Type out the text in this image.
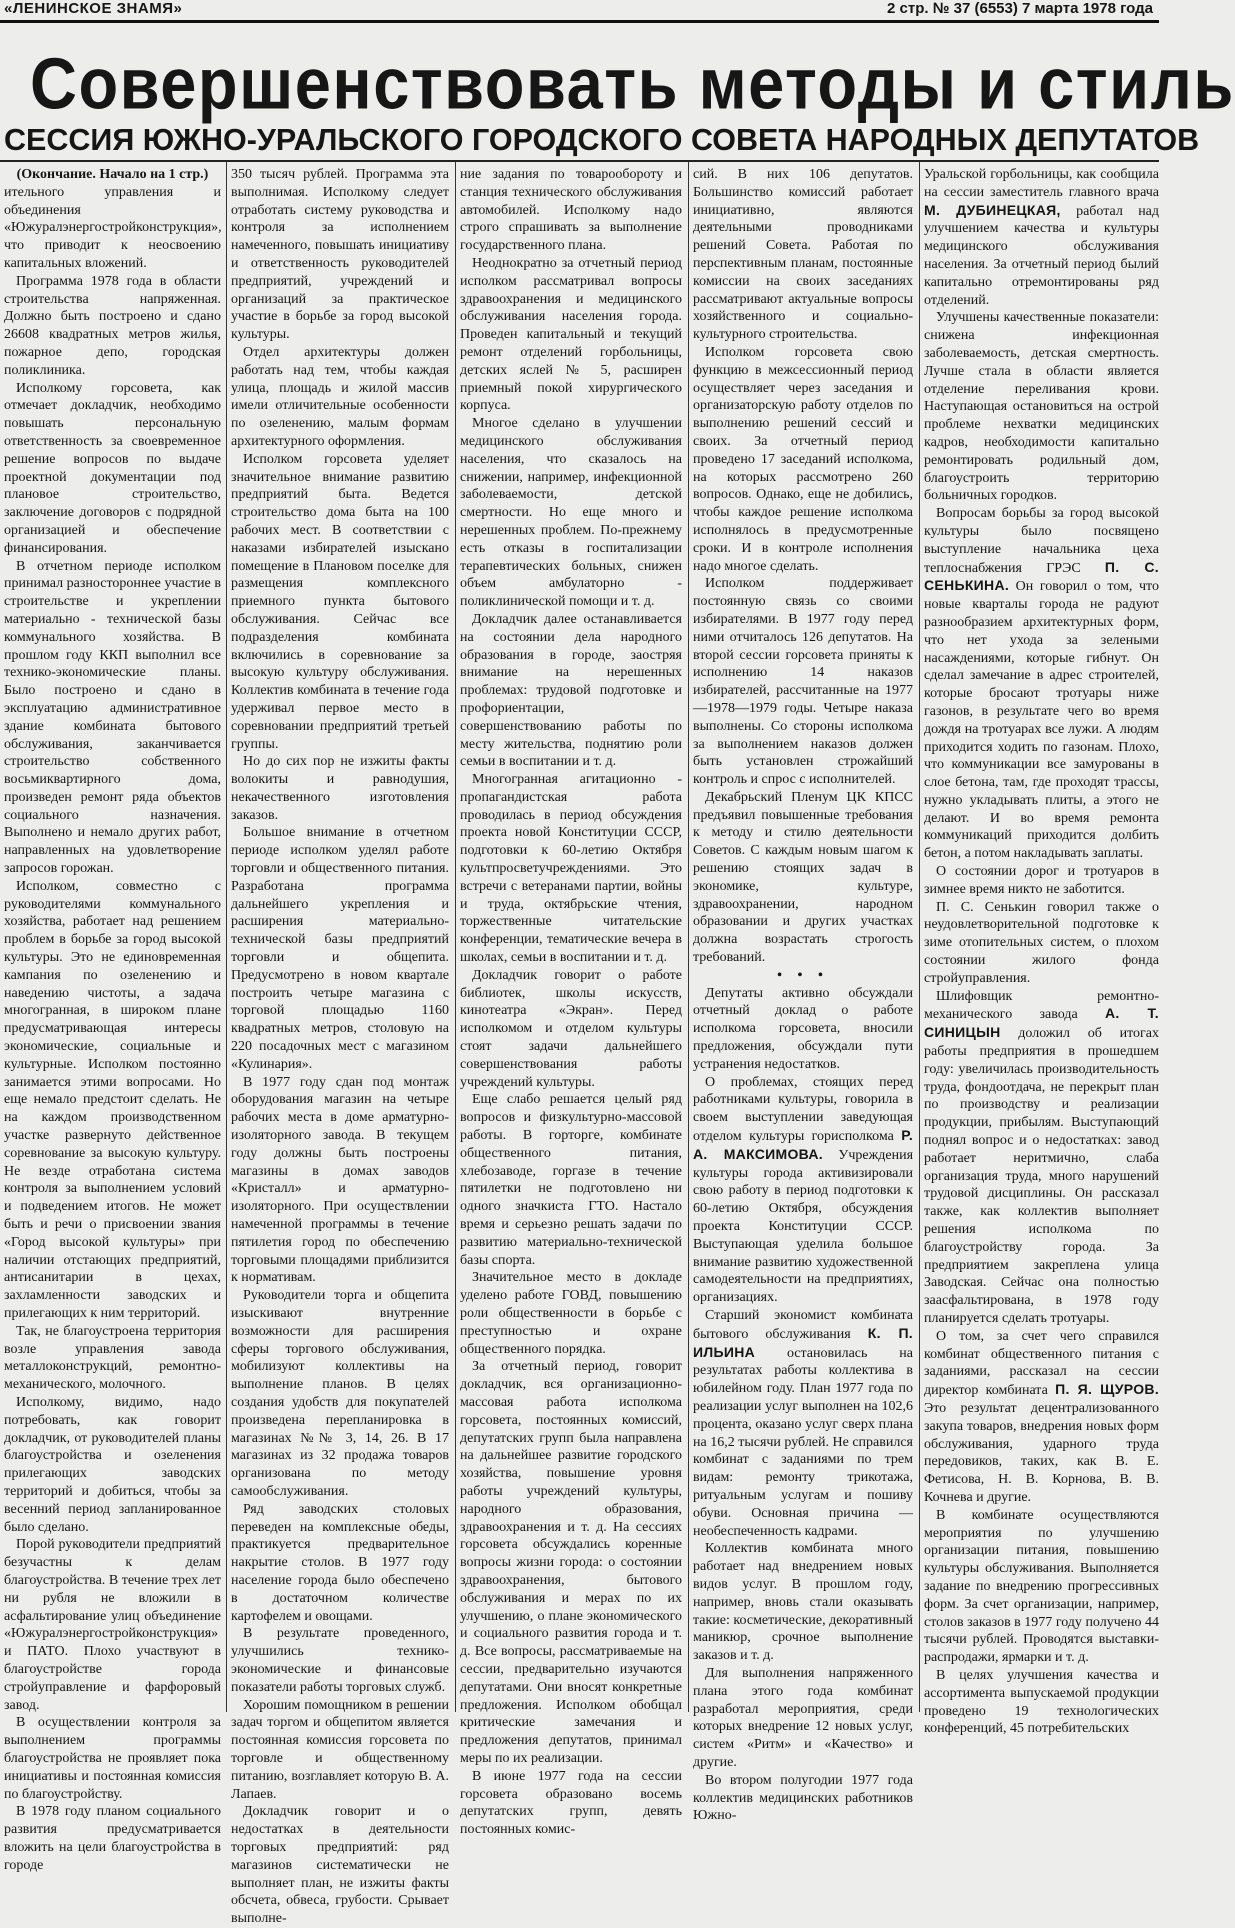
«ЛЕНИНСКОЕ ЗНАМЯ»	2 стр. № 37 (6553) 7 марта 1978 года
Совершенствовать методы и стиль
СЕССИЯ ЮЖНО-УРАЛЬСКОГО ГОРОДСКОГО СОВЕТА НАРОДНЫХ ДЕПУТАТОВ

(Окончание. Начало на 1 стр.)

ительного управления и объединения «Южуралэнергостройконструкция», что приводит к неосвоению капитальных вложений.

Программа 1978 года в области строительства напряженная. Должно быть построено и сдано 26608 квадратных метров жилья, пожарное депо, городская поликлиника.

Исполкому горсовета, как отмечает докладчик, необходимо повышать персональную ответственность за своевременное решение вопросов по выдаче проектной документации под плановое строительство, заключение договоров с подрядной организацией и обеспечение финансирования.

В отчетном периоде исполком принимал разностороннее участие в строительстве и укреплении материально - технической базы коммунального хозяйства. В прошлом году ККП выполнил все технико-экономические планы. Было построено и сдано в эксплуатацию административное здание комбината бытового обслуживания, заканчивается строительство собственного восьмиквартирного дома, произведен ремонт ряда объектов социального назначения. Выполнено и немало других работ, направленных на удовлетворение запросов горожан.

Исполком, совместно с руководителями коммунального хозяйства, работает над решением проблем в борьбе за город высокой культуры. Это не единовременная кампания по озеленению и наведению чистоты, а задача многогранная, в широком плане предусматривающая интересы экономические, социальные и культурные. Исполком постоянно занимается этими вопросами. Но еще немало предстоит сделать. Не на каждом производственном участке развернуто действенное соревнование за высокую культуру. Не везде отработана система контроля за выполнением условий и подведением итогов. Не может быть и речи о присвоении звания «Город высокой культуры» при наличии отстающих предприятий, антисанитарии в цехах, захламленности заводских и прилегающих к ним территорий.

Так, не благоустроена территория возле управления завода металлоконструкций, ремонтно-механического, молочного.

Исполкому, видимо, надо потребовать, как говорит докладчик, от руководителей планы благоустройства и озеленения прилегающих заводских территорий и добиться, чтобы за весенний период запланированное было сделано.

Порой руководители предприятий безучастны к делам благоустройства. В течение трех лет ни рубля не вложили в асфальтирование улиц объединение «Южуралэнергостройконструкция» и ПАТО. Плохо участвуют в благоустройстве города стройуправление и фарфоровый завод.

В осуществлении контроля за выполнением программы благоустройства не проявляет пока инициативы и постоянная комиссия по благоустройству.

В 1978 году планом социального развития предусматривается вложить на цели благоустройства в городе

350 тысяч рублей. Программа эта выполнимая. Исполкому следует отработать систему руководства и контроля за исполнением намеченного, повышать инициативу и ответственность руководителей предприятий, учреждений и организаций за практическое участие в борьбе за город высокой культуры.

Отдел архитектуры должен работать над тем, чтобы каждая улица, площадь и жилой массив имели отличительные особенности по озеленению, малым формам архитектурного оформления.

Исполком горсовета уделяет значительное внимание развитию предприятий быта. Ведется строительство дома быта на 100 рабочих мест. В соответствии с наказами избирателей изыскано помещение в Плановом поселке для размещения комплексного приемного пункта бытового обслуживания. Сейчас все подразделения комбината включились в соревнование за высокую культуру обслуживания. Коллектив комбината в течение года удерживал первое место в соревновании предприятий третьей группы.

Но до сих пор не изжиты факты волокиты и равнодушия, некачественного изготовления заказов.

Большое внимание в отчетном периоде исполком уделял работе торговли и общественного питания. Разработана программа дальнейшего укрепления и расширения материально-технической базы предприятий торговли и общепита. Предусмотрено в новом квартале построить четыре магазина с торговой площадью 1160 квадратных метров, столовую на 220 посадочных мест с магазином «Кулинария».

В 1977 году сдан под монтаж оборудования магазин на четыре рабочих места в доме арматурно-изоляторного завода. В текущем году должны быть построены магазины в домах заводов «Кристалл» и арматурно-изоляторного. При осуществлении намеченной программы в течение пятилетия город по обеспечению торговыми площадями приблизится к нормативам.

Руководители торга и общепита изыскивают внутренние возможности для расширения сферы торгового обслуживания, мобилизуют коллективы на выполнение планов. В целях создания удобств для покупателей произведена перепланировка в магазинах №№ 3, 14, 26. В 17 магазинах из 32 продажа товаров организована по методу самообслуживания.

Ряд заводских столовых переведен на комплексные обеды, практикуется предварительное накрытие столов. В 1977 году население города было обеспечено в достаточном количестве картофелем и овощами.

В результате проведенного, улучшились технико-экономические и финансовые показатели работы торговых служб.

Хорошим помощником в решении задач торгом и общепитом является постоянная комиссия горсовета по торговле и общественному питанию, возглавляет которую В. А. Лапаев.

Докладчик говорит и о недостатках в деятельности торговых предприятий: ряд магазинов систематически не выполняет план, не изжиты факты обсчета, обвеса, грубости. Срывает выполне-

ние задания по товарообороту и станция технического обслуживания автомобилей. Исполкому надо строго спрашивать за выполнение государственного плана.

Неоднократно за отчетный период исполком рассматривал вопросы здравоохранения и медицинского обслуживания населения города. Проведен капитальный и текущий ремонт отделений горбольницы, детских яслей № 5, расширен приемный покой хирургического корпуса.

Многое сделано в улучшении медицинского обслуживания населения, что сказалось на снижении, например, инфекционной заболеваемости, детской смертности. Но еще много и нерешенных проблем. По-прежнему есть отказы в госпитализации терапевтических больных, снижен объем амбулаторно - поликлинической помощи и т. д.

Докладчик далее останавливается на состоянии дела народного образования в городе, заостряя внимание на нерешенных проблемах: трудовой подготовке и профориентации, совершенствованию работы по месту жительства, поднятию роли семьи в воспитании и т. д.

Многогранная агитационно - пропагандистская работа проводилась в период обсуждения проекта новой Конституции СССР, подготовки к 60-летию Октября культпросветучреждениями. Это встречи с ветеранами партии, войны и труда, октябрьские чтения, торжественные читательские конференции, тематические вечера в школах, семьи в воспитании и т. д.

Докладчик говорит о работе библиотек, школы искусств, кинотеатра «Экран». Перед исполкомом и отделом культуры стоят задачи дальнейшего совершенствования работы учреждений культуры.

Еще слабо решается целый ряд вопросов и физкультурно-массовой работы. В горторге, комбинате общественного питания, хлебозаводе, горгазе в течение пятилетки не подготовлено ни одного значкиста ГТО. Настало время и серьезно решать задачи по развитию материально-технической базы спорта.

Значительное место в докладе уделено работе ГОВД, повышению роли общественности в борьбе с преступностью и охране общественного порядка.

За отчетный период, говорит докладчик, вся организационно-массовая работа исполкома горсовета, постоянных комиссий, депутатских групп была направлена на дальнейшее развитие городского хозяйства, повышение уровня работы учреждений культуры, народного образования, здравоохранения и т. д. На сессиях горсовета обсуждались коренные вопросы жизни города: о состоянии здравоохранения, бытового обслуживания и мерах по их улучшению, о плане экономического и социального развития города и т. д. Все вопросы, рассматриваемые на сессии, предварительно изучаются депутатами. Они вносят конкретные предложения. Исполком обобщал критические замечания и предложения депутатов, принимал меры по их реализации.

В июне 1977 года на сессии горсовета образовано восемь депутатских групп, девять постоянных комис-

сий. В них 106 депутатов. Большинство комиссий работает инициативно, являются деятельными проводниками решений Совета. Работая по перспективным планам, постоянные комиссии на своих заседаниях рассматривают актуальные вопросы хозяйственного и социально-культурного строительства.

Исполком горсовета свою функцию в межсессионный период осуществляет через заседания и организаторскую работу отделов по выполнению решений сессий и своих. За отчетный период проведено 17 заседаний исполкома, на которых рассмотрено 260 вопросов. Однако, еще не добились, чтобы каждое решение исполкома исполнялось в предусмотренные сроки. И в контроле исполнения надо многое сделать.

Исполком поддерживает постоянную связь со своими избирателями. В 1977 году перед ними отчиталось 126 депутатов. На второй сессии горсовета приняты к исполнению 14 наказов избирателей, рассчитанные на 1977—1978—1979 годы. Четыре наказа выполнены. Со стороны исполкома за выполнением наказов должен быть установлен строжайший контроль и спрос с исполнителей.

Декабрьский Пленум ЦК КПСС предъявил повышенные требования к методу и стилю деятельности Советов. С каждым новым шагом к решению стоящих задач в экономике, культуре, здравоохранении, народном образовании и других участках должна возрастать строгость требований.

• • •

Депутаты активно обсуждали отчетный доклад о работе исполкома горсовета, вносили предложения, обсуждали пути устранения недостатков.

О проблемах, стоящих перед работниками культуры, говорила в своем выступлении заведующая отделом культуры горисполкома Р. А. МАКСИМОВА. Учреждения культуры города активизировали свою работу в период подготовки к 60-летию Октября, обсуждения проекта Конституции СССР. Выступающая уделила большое внимание развитию художественной самодеятельности на предприятиях, организациях.

Старший экономист комбината бытового обслуживания К. П. ИЛЬИНА остановилась на результатах работы коллектива в юбилейном году. План 1977 года по реализации услуг выполнен на 102,6 процента, оказано услуг сверх плана на 16,2 тысячи рублей. Не справился комбинат с заданиями по трем видам: ремонту трикотажа, ритуальным услугам и пошиву обуви. Основная причина — необеспеченность кадрами.

Коллектив комбината много работает над внедрением новых видов услуг. В прошлом году, например, вновь стали оказывать такие: косметические, декоративный маникюр, срочное выполнение заказов и т. д.

Для выполнения напряженного плана этого года комбинат разработал мероприятия, среди которых внедрение 12 новых услуг, систем «Ритм» и «Качество» и другие.

Во втором полугодии 1977 года коллектив медицинских работников Южно-

Уральской горбольницы, как сообщила на сессии заместитель главного врача М. ДУБИНЕЦКАЯ, работал над улучшением качества и культуры медицинского обслуживания населения. За отчетный период былий капитально отремонтированы ряд отделений.

Улучшены качественные показатели: снижена инфекционная заболеваемость, детская смертность. Лучше стала в области является отделение переливания крови. Наступающая остановиться на острой проблеме нехватки медицинских кадров, необходимости капитально ремонтировать родильный дом, благоустроить территорию больничных городков.

Вопросам борьбы за город высокой культуры было посвящено выступление начальника цеха теплоснабжения ГРЭС П. С. СЕНЬКИНА. Он говорил о том, что новые кварталы города не радуют разнообразием архитектурных форм, что нет ухода за зелеными насаждениями, которые гибнут. Он сделал замечание в адрес строителей, которые бросают тротуары ниже газонов, в результате чего во время дождя на тротуарах все лужи. А людям приходится ходить по газонам. Плохо, что коммуникации все замурованы в слое бетона, там, где проходят трассы, нужно укладывать плиты, а этого не делают. И во время ремонта коммуникаций приходится долбить бетон, а потом накладывать заплаты.

О состоянии дорог и тротуаров в зимнее время никто не заботится.

П. С. Сенькин говорил также о неудовлетворительной подготовке к зиме отопительных систем, о плохом состоянии жилого фонда стройуправления.

Шлифовщик ремонтно-механического завода А. Т. СИНИЦЫН доложил об итогах работы предприятия в прошедшем году: увеличилась производительность труда, фондоотдача, не перекрыт план по производству и реализации продукции, прибылям. Выступающий поднял вопрос и о недостатках: завод работает неритмично, слаба организация труда, много нарушений трудовой дисциплины. Он рассказал также, как коллектив выполняет решения исполкома по благоустройству города. За предприятием закреплена улица Заводская. Сейчас она полностью заасфальтирована, в 1978 году планируется сделать тротуары.

О том, за счет чего справился комбинат общественного питания с заданиями, рассказал на сессии директор комбината П. Я. ЩУРОВ. Это результат децентрализованного закупа товаров, внедрения новых форм обслуживания, ударного труда передовиков, таких, как В. Е. Фетисова, Н. В. Корнова, В. В. Кочнева и другие.

В комбинате осуществляются мероприятия по улучшению организации питания, повышению культуры обслуживания. Выполняется задание по внедрению прогрессивных форм. За счет организации, например, столов заказов в 1977 году получено 44 тысячи рублей. Проводятся выставки-распродажи, ярмарки и т. д.

В целях улучшения качества и ассортимента выпускаемой продукции проведено 19 технологических конференций, 45 потребительских
